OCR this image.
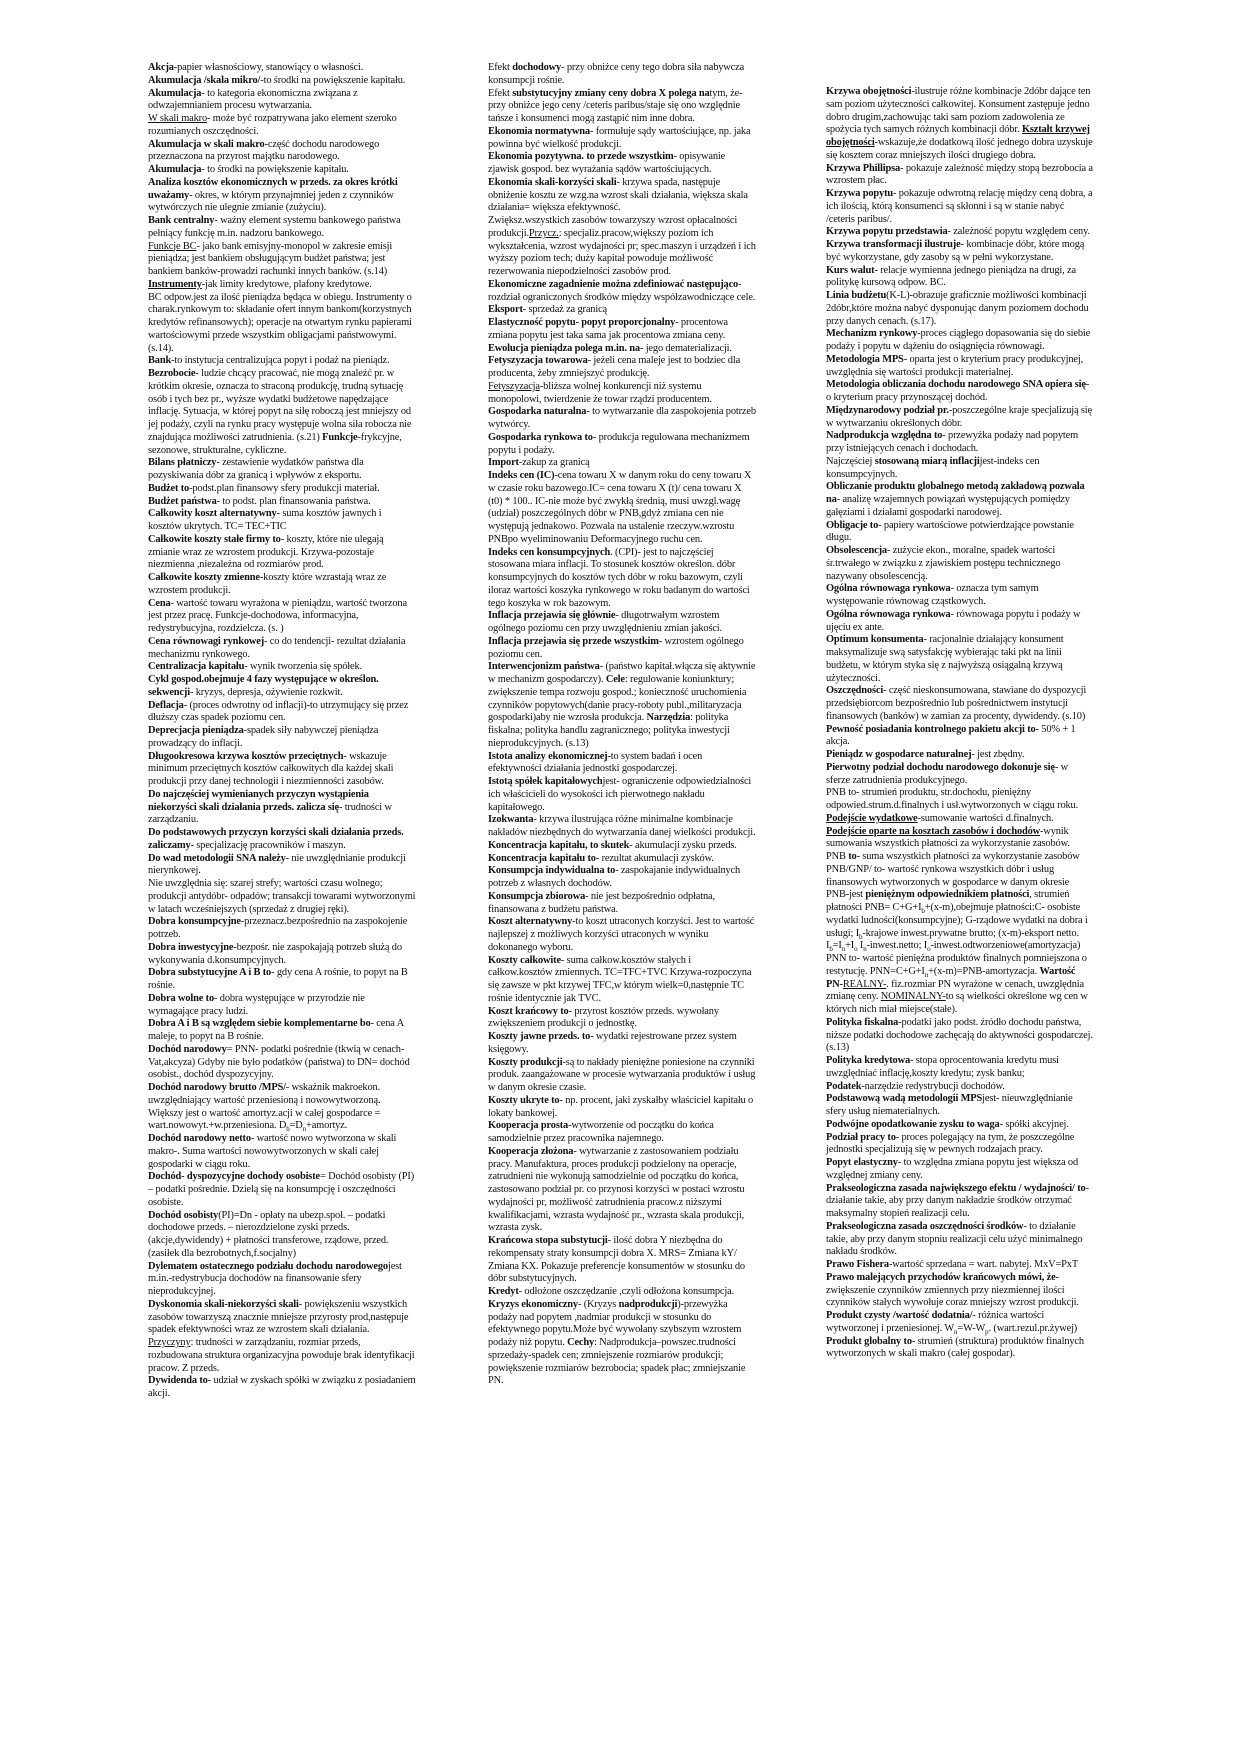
Akcja-papier własnościowy, stanowiący o własności.

Akumulacja /skala mikro/-to środki na powiększenie kapitału.

Akumulacja- to kategoria ekonomiczna związana z odwzajemnianiem procesu wytwarzania.

W skali makro- może być rozpatrywana jako element szeroko rozumianych oszczędności.

Akumulacja w skali makro-część dochodu narodowego przeznaczona na przyrost majątku narodowego.

Akumulacja- to środki na powiększenie kapitału.

Analiza kosztów ekonomicznych w przeds. za okres krótki uważamy- okres, w którym przynajmniej jeden z czynników wytwórczych nie ulegnie zmianie (zużyciu).

Bank centralny- ważny element systemu bankowego państwa pełniący funkcję m.in. nadzoru bankowego.

Funkcje BC- jako bank emisyjny-monopol w zakresie emisji pieniądza; jest bankiem obsługującym budżet państwa; jest bankiem banków-prowadzi rachunki innych banków. (s.14) Instrumenty-jak limity kredytowe, plafony kredytowe.

BC odpow.jest za ilość pieniądza będąca w obiegu. Instrumenty o charak.rynkowym to: składanie ofert innym bankom(korzystnych kredytów refinansowych); operacje na otwartym rynku papierami wartościowymi przede wszystkim obligacjami państwowymi. (s.14).

Bank-to instytucja centralizująca popyt i podaż na pieniądz.

Bezrobocie- ludzie chcący pracować, nie mogą znaleźć pr. w krótkim okresie, oznacza to straconą produkcję, trudną sytuację osób i tych bez pr., wyższe wydatki budżetowe napędzające inflację. Sytuacja, w której popyt na siłę roboczą jest mniejszy od jej podaży, czyli na rynku pracy występuje wolna siła robocza nie znajdująca możliwości zatrudnienia. (s.21) Funkcje-frykcyjne, sezonowe, strukturalne, cykliczne.

Bilans płatniczy- zestawienie wydatków państwa dla pozyskiwania dóbr za granicą i wpływów z eksportu.

Budżet to-podst.plan finansowy sfery produkcji materiał.

Budżet państwa- to podst. plan finansowania państwa.

Całkowity koszt alternatywny- suma kosztów jawnych i kosztów ukrytych. TC= TEC+TIC

Całkowite koszty stałe firmy to- koszty, które nie ulegają zmianie wraz ze wzrostem produkcji. Krzywa-pozostaje niezmienna ,niezależna od rozmiarów prod.

Całkowite koszty zmienne-koszty które wzrastają wraz ze wzrostem produkcji.

Cena- wartość towaru wyrażona w pieniądzu, wartość tworzona jest przez pracę. Funkcje-dochodowa, informacyjna, redystrybucyjna, rozdzielcza. (s. )

Cena równowagi rynkowej- co do tendencji- rezultat działania mechanizmu rynkowego.

Centralizacja kapitału- wynik tworzenia się spółek.

Cykl gospod.obejmuje 4 fazy występujące w określon. sekwencji- kryzys, depresja, ożywienie rozkwit.

Deflacja- (proces odwrotny od inflacji)-to utrzymujący się przez dłuższy czas spadek poziomu cen.

Deprecjacja pieniądza-spadek siły nabywczej pieniądza prowadzący do inflacji.

Długookresowa krzywa kosztów przeciętnych- wskazuje minimum przeciętnych kosztów całkowitych dla każdej skali produkcji przy danej technologii i niezmienności zasobów.

Do najczęściej wymienianych przyczyn wystąpienia niekorzyści skali działania przeds. zalicza się- trudności w zarządzaniu.

Do podstawowych przyczyn korzyści skali działania przeds. zaliczamy- specjalizację pracowników i maszyn.

Do wad metodologii SNA należy- nie uwzględnianie produkcji nierynkowej.

Nie uwzględnia się: szarej strefy; wartości czasu wolnego; produkcji antydóbr- odpadów; transakcji towarami wytworzonymi w latach wcześniejszych (sprzedaż z drugiej ręki).

Dobra konsumpcyjne-przeznacz.bezpośrednio na zaspokojenie potrzeb.

Dobra inwestycyjne-bezpośr. nie zaspokajają potrzeb służą do wykonywania d.konsumpcyjnych.

Dobra substytucyjne A i B to- gdy cena A rośnie, to popyt na B rośnie.

Dobra wolne to- dobra występujące w przyrodzie nie wymagające pracy ludzi.

Dobra A i B są względem siebie komplementarne bo- cena A maleje, to popyt na B rośnie.

Dochód narodowy= PNN- podatki pośrednie (tkwią w cenach-Vat,akcyza) Gdyby nie było podatków (państwa) to DN= dochód osobist., dochód dyspozycyjny.

Dochód narodowy brutto /MPS/- wskaźnik makroekon. uwzględniający wartość przeniesioną i nowowytworzoną. Większy jest o wartość amortyz.acji w całej gospodarce = wart.nowowyt.+w.przeniesiona. $D_b=D_n+amortyz$.

Dochód narodowy netto- wartość nowo wytworzona w skali makro-. Suma wartości nowowytworzonych w skali całej gospodarki w ciągu roku.

Dochód- dyspozycyjne dochody osobiste= Dochód osobisty (PI) – podatki pośrednie. Dzielą się na konsumpcję i oszczędności osobiste.

Dochód osobisty(PI)=Dn - opłaty na ubezp.społ. – podatki dochodowe przeds. – nierozdzielone zyski przeds.(akcje,dywidendy) + płatności transferowe, rządowe, przed. (zasiłek dla bezrobotnych,f.socjalny)

Dylematem ostatecznego podziału dochodu narodowegojest m.in.-redystrybucja dochodów na finansowanie sfery nieprodukcyjnej.

Dyskonomia skali-niekorzyści skali- powiększeniu wszystkich zasobów towarzyszą znacznie mniejsze przyrosty prod,następuje spadek efektywności wraz ze wzrostem skali działania. Przyczyny: trudności w zarządzaniu, rozmiar przeds, rozbudowana struktura organizacyjna powoduje brak identyfikacji pracow. Z przeds.

Dywidenda to- udział w zyskach spółki w związku z posiadaniem akcji.

Efekt dochodowy- przy obniżce ceny tego dobra siła nabywcza konsumpcji rośnie.

Efekt substytucyjny zmiany ceny dobra X polega natym, że- przy obniżce jego ceny /ceteris paribus/staje się ono względnie tańsze i konsumenci mogą zastąpić nim inne dobra.

Ekonomia normatywna- formułuje sądy wartościujące, np. jaka powinna być wielkość produkcji.

Ekonomia pozytywna. to przede wszystkim- opisywanie zjawisk gospod. bez wyrażania sądów wartościujących.

Ekonomia skali-korzyści skali- krzywa spada, następuje obniżenie kosztu ze wzg.na wzrost skali działania, większa skala działania= większa efektywność.

Zwiększ.wszystkich zasobów towarzyszy wzrost opłacalności produkcji.Przycz.: specjaliz.pracow,większy poziom ich wykształcenia, wzrost wydajności pr; spec.maszyn i urządzeń i ich wyższy poziom tech; duży kapitał powoduje możliwość rezerwowania niepodzielności zasobów prod.

Ekonomiczne zagadnienie można zdefiniować następująco- rozdział ograniczonych środków między współzawodniczące cele.

Eksport- sprzedaż za granicą

Elastyczność popytu- popyt proporcjonalny- procentowa zmiana popytu jest taka sama jak procentowa zmiana ceny.

Ewolucja pieniądza polega m.in. na- jego dematerializacji.

Fetyszyzacja towarowa- jeżeli cena maleje jest to bodziec dla producenta, żeby zmniejszyć produkcję.

Fetyszyzacja-bliższa wolnej konkurencji niż systemu monopolowi, twierdzenie że towar rządzi producentem.

Gospodarka naturalna- to wytwarzanie dla zaspokojenia potrzeb wytwórcy.

Gospodarka rynkowa to- produkcja regulowana mechanizmem popytu i podaży.

Import-zakup za granicą

Indeks cen (IC)-cena towaru X w danym roku do ceny towaru X w czasie roku bazowego.IC= cena towaru X (t)/ cena towaru X (t0) * 100.. IC-nie może być zwykłą średnią, musi uwzgl.wagę (udział) poszczególnych dóbr w PNB,gdyż zmiana cen nie występują jednakowo. Pozwala na ustalenie rzeczyw.wzrostu PNBpo wyeliminowaniu Deformacyjnego ruchu cen.

Indeks cen konsumpcyjnych. (CPI)- jest to najczęściej stosowana miara inflacji. To stosunek kosztów określon. dóbr konsumpcyjnych do kosztów tych dóbr w roku bazowym, czyli iloraz wartości koszyka rynkowego w roku badanym do wartości tego koszyka w rok bazowym.

Inflacja przejawia się głównie- długotrwałym wzrostem ogólnego poziomu cen przy uwzględnieniu zmian jakości.

Inflacja przejawia się przede wszystkim- wzrostem ogólnego poziomu cen.

Interwencjonizm państwa- (państwo kapitał.włącza się aktywnie w mechanizm gospodarczy). Cele: regulowanie koniunktury; zwiększenie tempa rozwoju gospod.; konieczność uruchomienia czynników popytowych(danie pracy-roboty publ.,militaryzacja gospodarki)aby nie wzrosła produkcja. Narzędzia: polityka fiskalna; polityka handlu zagranicznego; polityka inwestycji nieprodukcyjnych. (s.13)

Istota analizy ekonomicznej-to system badań i ocen efektywności działania jednostki gospodarczej.

Istotą spółek kapitałowychjest- ograniczenie odpowiedzialności ich właścicieli do wysokości ich pierwotnego nakładu kapitałowego.

Izokwanta- krzywa ilustrująca różne minimalne kombinacje nakładów niezbędnych do wytwarzania danej wielkości produkcji.

Koncentracja kapitału, to skutek- akumulacji zysku przeds.

Koncentracja kapitału to- rezultat akumulacji zysków.

Konsumpcja indywidualna to- zaspokajanie indywidualnych potrzeb z własnych dochodów.

Konsumpcja zbiorowa- nie jest bezpośrednio odpłatna, finansowana z budżetu państwa.

Koszt alternatywny-to koszt utraconych korzyści. Jest to wartość najlepszej z możliwych korzyści utraconych w wyniku dokonanego wyboru.

Koszty całkowite- suma całkow.kosztów stałych i całkow.kosztów zmiennych. TC=TFC+TVC Krzywa-rozpoczyna się zawsze w pkt krzywej TFC,w którym wielk=0,następnie TC rośnie identycznie jak TVC.

Koszt krańcowy to- przyrost kosztów przeds. wywołany zwiększeniem produkcji o jednostkę.

Koszty jawne przeds. to- wydatki rejestrowane przez system księgowy.

Koszty produkcji-są to nakłady pieniężne poniesione na czynniki produk. zaangażowane w procesie wytwarzania produktów i usług w danym okresie czasie.

Koszty ukryte to- np. procent, jaki zyskałby właściciel kapitału o lokaty bankowej.

Kooperacja prosta-wytworzenie od początku do końca samodzielnie przez pracownika najemnego.

Kooperacja złożona- wytwarzanie z zastosowaniem podziału pracy. Manufaktura, proces produkcji podzielony na operacje, zatrudnieni nie wykonują samodzielnie od początku do końca, zastosowano podział pr. co przynosi korzyści w postaci wzrostu wydajności pr, możliwość zatrudnienia pracow.z niższymi kwalifikacjami, wzrasta wydajność pr., wzrasta skala produkcji, wzrasta zysk.

Krańcowa stopa substytucji- ilość dobra Y niezbędna do rekompensaty straty konsumpcji dobra X. MRS= Zmiana kY/ Zmiana KX. Pokazuje preferencje konsumentów w stosunku do dóbr substytucyjnych.

Kredyt- odłożone oszczędzanie ,czyli odłożona konsumpcja.

Kryzys ekonomiczny- (Kryzys nadprodukcji)-przewyżka podaży nad popytem ,nadmiar produkcji w stosunku do efektywnego popytu.Może być wywołany szybszym wzrostem podaży niż popytu. Cechy: Nadprodukcja–powszec.trudności sprzedaży-spadek cen; zmniejszenie rozmiarów produkcji; powiększenie rozmiarów bezrobocia; spadek płac; zmniejszanie PN.

Krzywa obojętności-ilustruje różne kombinacje 2dóbr dające ten sam poziom użyteczności całkowitej. Konsument zastępuje jedno dobro drugim,zachowując taki sam poziom zadowolenia ze spożycia tych samych różnych kombinacji dóbr. Kształt krzywej obojętności-wskazuje,że dodatkową ilość jednego dobra uzyskuje się kosztem coraz mniejszych ilości drugiego dobra.

Krzywa Phillipsa- pokazuje zależność między stopą bezrobocia a wzrostem płac.

Krzywa popytu- pokazuje odwrotną relację między ceną dobra, a ich ilością, którą konsumenci są skłonni i są w stanie nabyć /ceteris paribus/.

Krzywa popytu przedstawia- zależność popytu względem ceny.

Krzywa transformacji ilustruje- kombinacje dóbr, które mogą być wykorzystane, gdy zasoby są w pełni wykorzystane.

Kurs walut- relacje wymienna jednego pieniądza na drugi, za politykę kursową odpow. BC.

Linia budżetu(K-L)-obrazuje graficznie możliwości kombinacji 2dóbr,które można nabyć dysponując danym poziomem dochodu przy danych cenach. (s.17).

Mechanizm rynkowy-proces ciągłego dopasowania się do siebie podaży i popytu w dążeniu do osiągnięcia równowagi.

Metodologia MPS- oparta jest o kryterium pracy produkcyjnej, uwzględnia się wartości produkcji materialnej.

Metodologia obliczania dochodu narodowego SNA opiera się- o kryterium pracy przynoszącej dochód.

Międzynarodowy podział pr.-poszczególne kraje specjalizują się w wytwarzaniu określonych dóbr.

Nadprodukcja względna to- przewyżka podaży nad popytem przy istniejących cenach i dochodach.

Najczęściej stosowaną miarą inflacjijest-indeks cen konsumpcyjnych.

Obliczanie produktu globalnego metodą zakładową pozwala na- analizę wzajemnych powiązań występujących pomiędzy gałęziami i działami gospodarki narodowej.

Obligacje to- papiery wartościowe potwierdzające powstanie długu.

Obsolescencja- zużycie ekon., moralne, spadek wartości śr.trwałego w związku z zjawiskiem postępu technicznego nazywany obsolescencją.

Ogólna równowaga rynkowa- oznacza tym samym występowanie równowag cząstkowych.

Ogólna równowaga rynkowa- równowaga popytu i podaży w ujęciu ex ante.

Optimum konsumenta- racjonalnie działający konsument maksymalizuje swą satysfakcję wybierając taki pkt na linii budżetu, w którym styka się z najwyższą osiągalną krzywą użyteczności.

Oszczędności- część nieskonsumowana, stawiane do dyspozycji przedsiębiorcom bezpośrednio lub pośrednictwem instytucji finansowych (banków) w zamian za procenty, dywidendy. (s.10)

Pewność posiadania kontrolnego pakietu akcji to- 50% + 1 akcja.

Pieniądz w gospodarce naturalnej- jest zbędny.

Pierwotny podział dochodu narodowego dokonuje się- w sferze zatrudnienia produkcyjnego.

PNB to- strumień produktu, str.dochodu, pieniężny odpowied.strum.d.finalnych i usł.wytworzonych w ciągu roku. Podejście wydatkowe-sumowanie wartości d.finalnych. Podejście oparte na kosztach zasobów i dochodów-wynik sumowania wszystkich płatności za wykorzystanie zasobów.

PNB to- suma wszystkich płatności za wykorzystanie zasobów

PNB/GNP/ to- wartość rynkowa wszystkich dóbr i usług finansowych wytworzonych w gospodarce w danym okresie

PNB-jest pieniężnym odpowiednikiem płatności, strumień płatności $PNB= C+G+I_b+(x-m),obejmuje$ płatności:C- osobiste wydatki ludności(konsumpcyjne); G-rządowe wydatki na dobra i usługi; $I_b$-krajowe inwest.prywatne brutto; (x-m)-eksport netto. $I_b=I_n+I_o$ $I_n-inwest.netto$; $I_o-inwest.odtworzeniowe(amortyzacja)$

PNN to- wartość pieniężna produktów finalnych pomniejszona o restytucję. $PNN=C+G+I_n+(x-m)=PNB$-amortyzacja. Wartość PN-REALNY-. fiz.rozmiar PN wyrażone w cenach, uwzględnia zmianę ceny. NOMINALNY-to są wielkości określone wg cen w których nich miał miejsce(stałe).

Polityka fiskalna-podatki jako podst. źródło dochodu państwa, niższe podatki dochodowe zachęcają do aktywności gospodarczej.(s.13)

Polityka kredytowa- stopa oprocentowania kredytu musi uwzględniać inflację,koszty kredytu; zysk banku;

Podatek-narzędzie redystrybucji dochodów.

Podstawową wadą metodologii MPSjest- nieuwzględnianie sfery usług niematerialnych.

Podwójne opodatkowanie zysku to waga- spółki akcyjnej.

Podział pracy to- proces polegający na tym, że poszczególne jednostki specjalizują się w pewnych rodzajach pracy.

Popyt elastyczny- to względna zmiana popytu jest większa od względnej zmiany ceny.

Prakseologiczna zasada największego efektu / wydajności/ to- działanie takie, aby przy danym nakładzie środków otrzymać maksymalny stopień realizacji celu.

Prakseologiczna zasada oszczędności środków- to działanie takie, aby przy danym stopniu realizacji celu użyć minimalnego nakładu środków.

Prawo Fishera-wartość sprzedana = wart. nabytej. MxV=PxT

Prawo malejących przychodów krańcowych mówi, że- zwiększenie czynników zmiennych przy niezmiennej ilości czynników stałych wywołuje coraz mniejszy wzrost produkcji.

Produkt czysty /wartość dodatnia/- różnica wartości wytworzonej i przeniesionej. $W_n=W-W_p$. (wart.rezul.pr.żywej)

Produkt globalny to- strumień (struktura) produktów finalnych wytworzonych w skali makro (całej gospodar).
